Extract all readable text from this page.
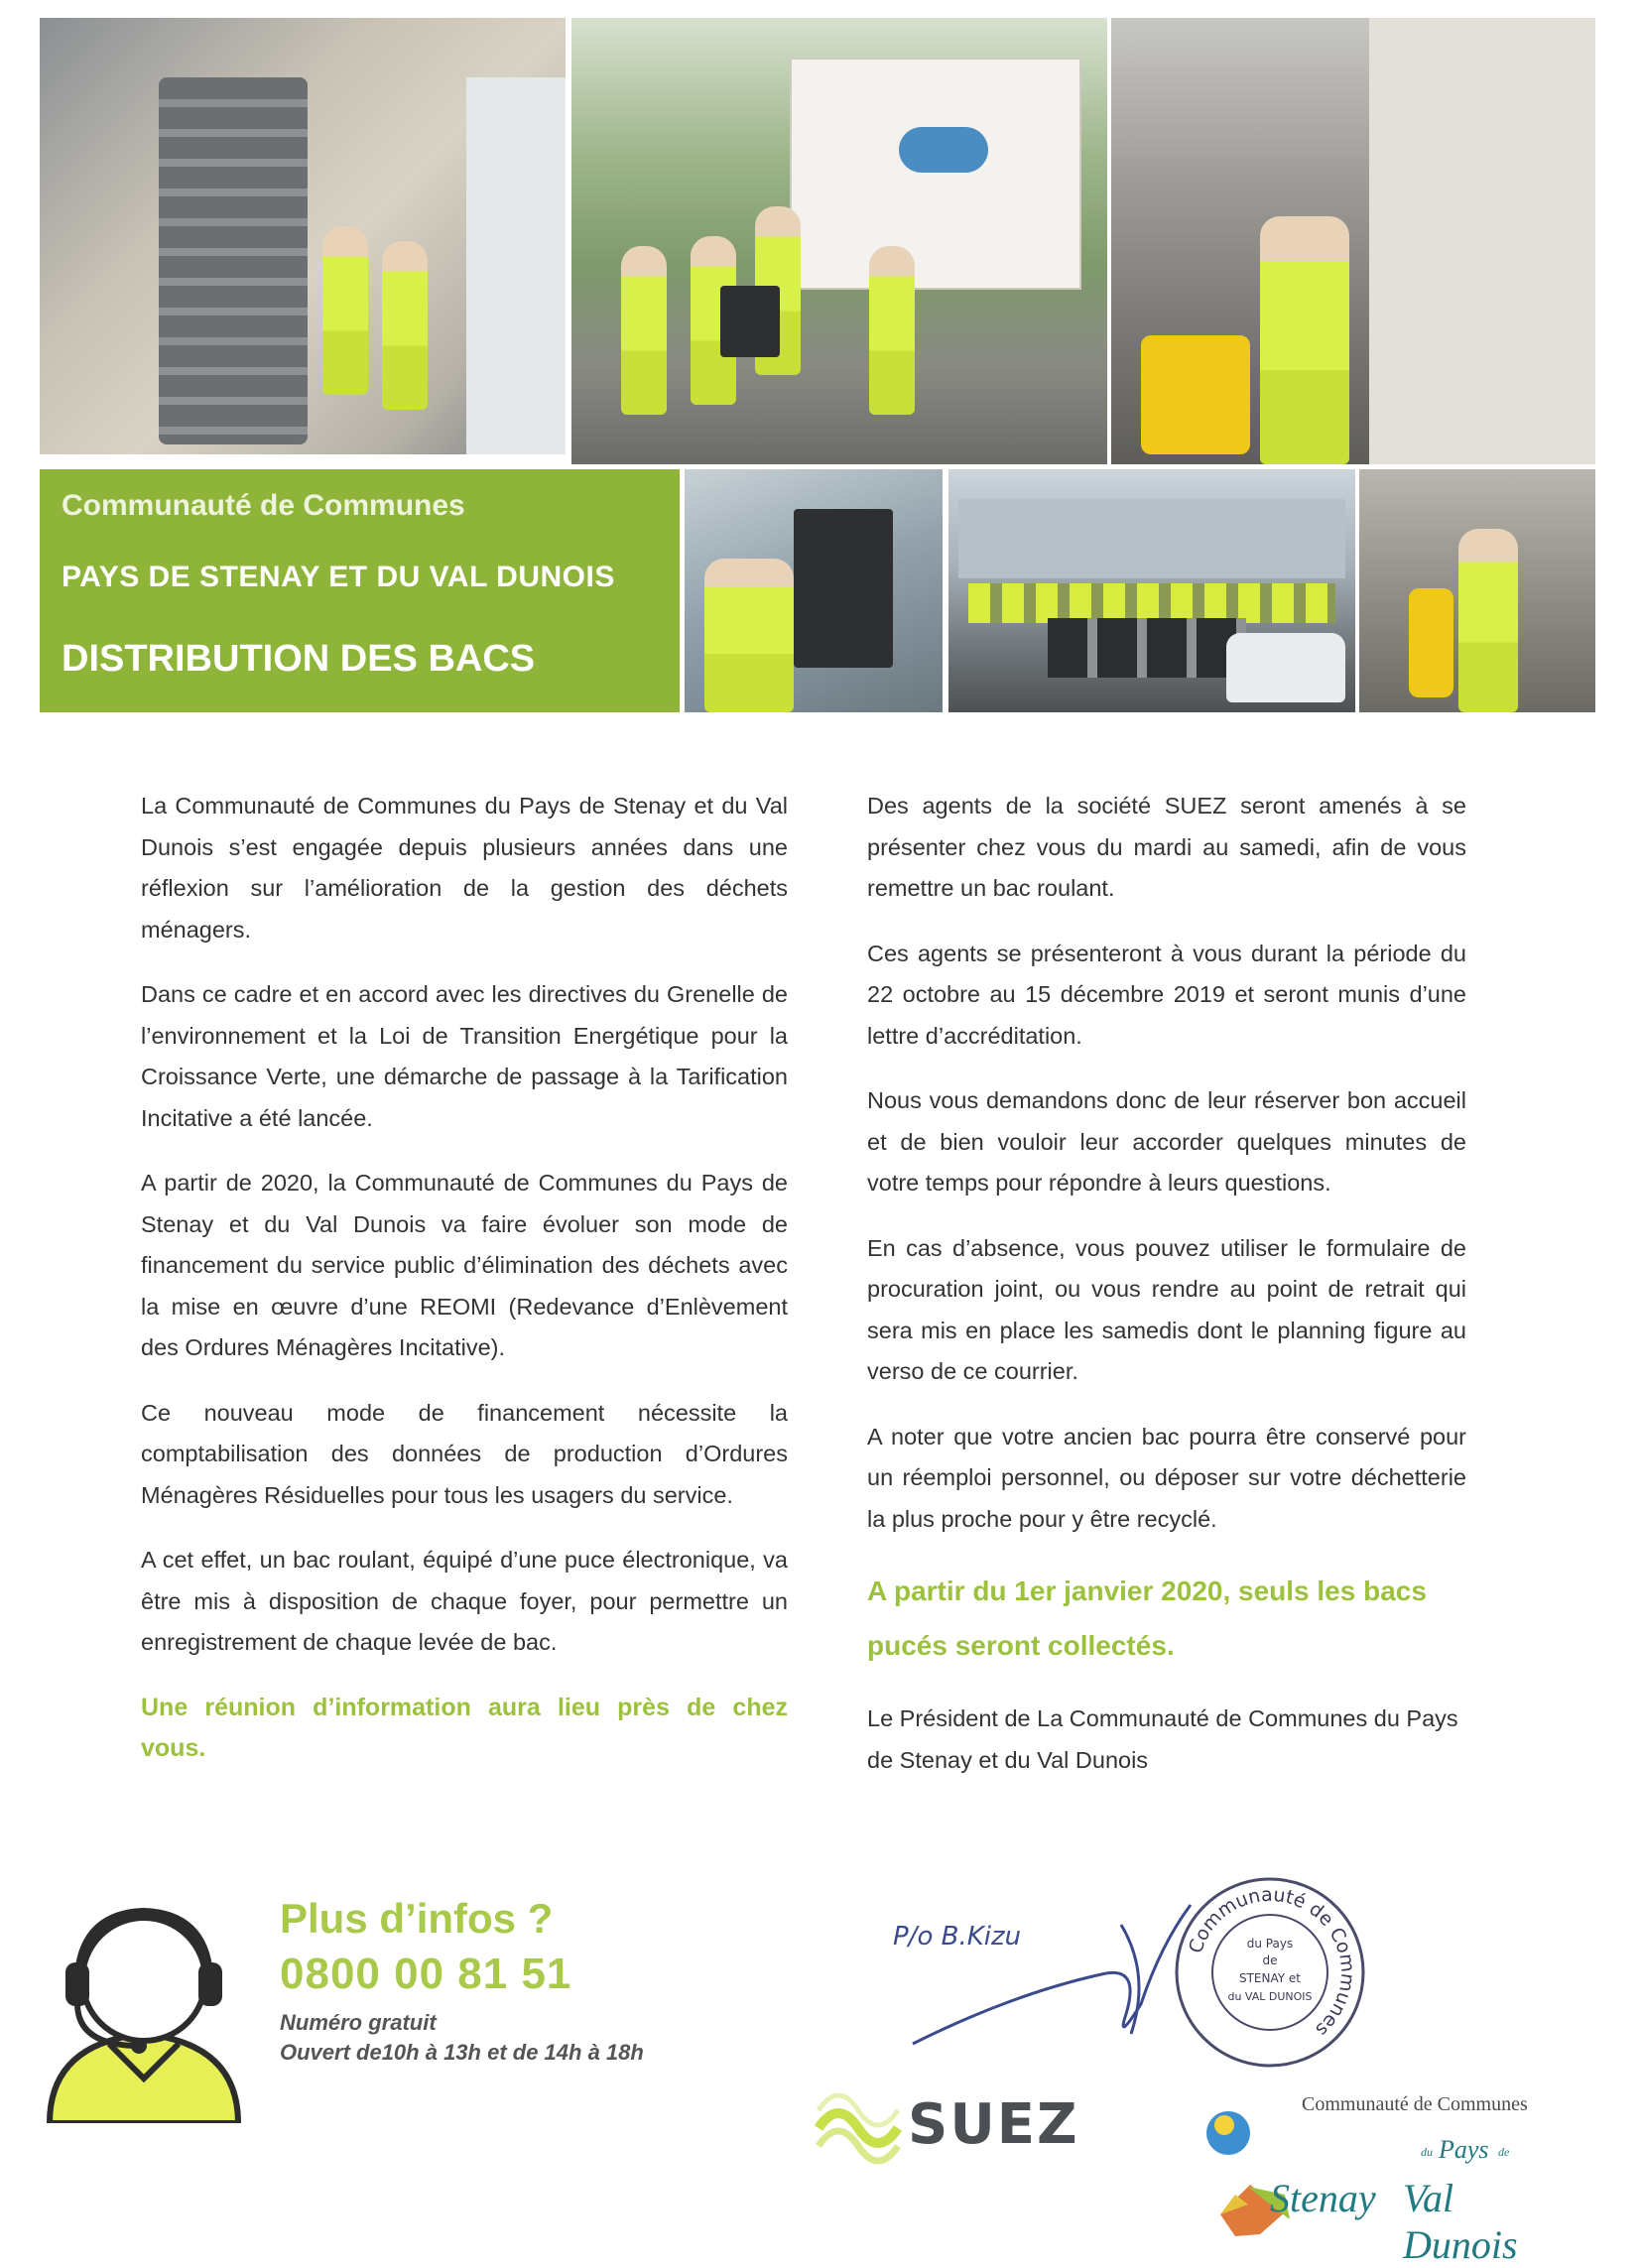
Communauté de Communes
PAYS DE STENAY ET DU VAL DUNOIS
DISTRIBUTION DES BACS

La Communauté de Communes du Pays de Stenay et du Val Dunois s’est engagée depuis plusieurs années dans une réflexion sur l’amélioration de la gestion des déchets ménagers.

Dans ce cadre et en accord avec les directives du Grenelle de l’environnement et la Loi de Transition Energétique pour la Croissance Verte, une démarche de passage à la Tarification Incitative a été lancée.

A partir de 2020, la Communauté de Communes du Pays de Stenay et du Val Dunois va faire évoluer son mode de financement du service public d’élimination des déchets avec la mise en œuvre d’une REOMI (Redevance d’Enlèvement des Ordures Ménagères Incitative).

Ce nouveau mode de financement nécessite la comptabilisation des données de production d’Ordures Ménagères Résiduelles pour tous les usagers du service.

A cet effet, un bac roulant, équipé d’une puce électronique, va être mis à disposition de chaque foyer, pour permettre un enregistrement de chaque levée de bac.

Une réunion d’information aura lieu près de chez vous.

Des agents de la société SUEZ seront amenés à se présenter chez vous du mardi au samedi, afin de vous remettre un bac roulant.

Ces agents se présenteront à vous durant la période du 22 octobre au 15 décembre 2019 et seront munis d’une lettre d’accréditation.

Nous vous demandons donc de leur réserver bon accueil et de bien vouloir leur accorder quelques minutes de votre temps pour répondre à leurs questions.

En cas d’absence, vous pouvez utiliser le formulaire de procuration joint, ou vous rendre au point de retrait qui sera mis en place les samedis dont le planning figure au verso de ce courrier.

A noter que votre ancien bac pourra être conservé pour un réemploi personnel, ou déposer sur votre déchetterie la plus proche pour y être recyclé.

A partir du 1er janvier 2020, seuls les bacs pucés seront collectés.

Le Président de La Communauté de Communes du Pays de Stenay et du Val Dunois

Plus d’infos ?
0800 00 81 51
Numéro gratuit
Ouvert de10h à 13h et de 14h à 18h
P/o B.Kizu	Communauté de Communes
du Pays
de
STENAY et
du VAL DUNOIS
SUEZ	Communauté de Communes
du Pays de
Stenay Val Dunois
